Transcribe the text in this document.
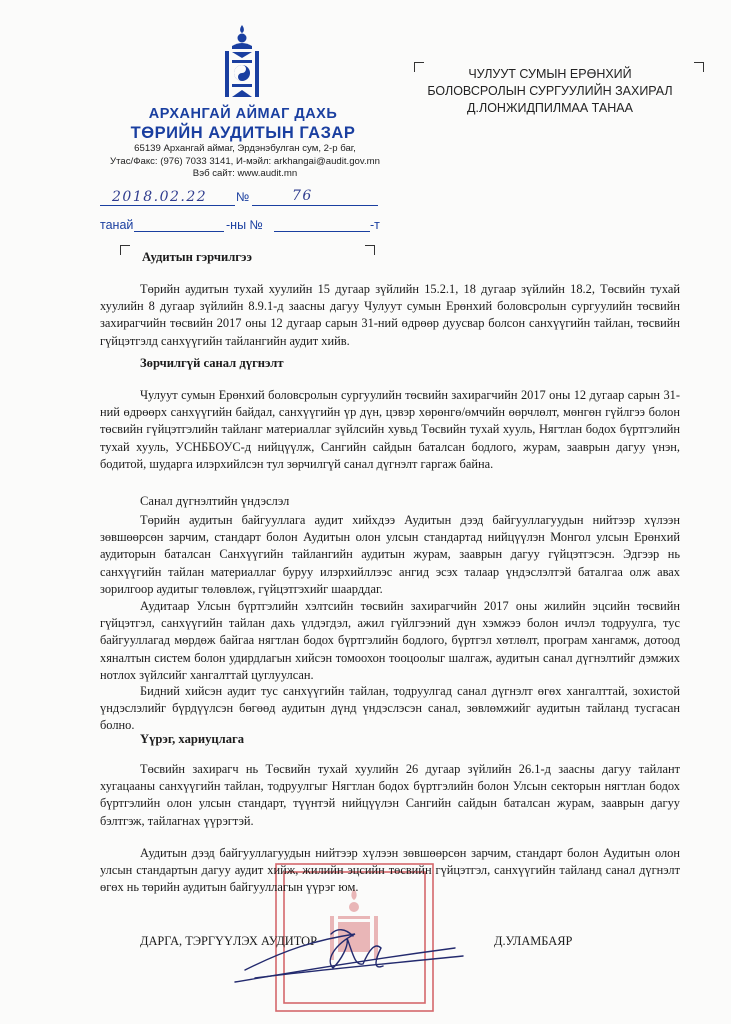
АРХАНГАЙ АЙМАГ ДАХЬ
ТӨРИЙН АУДИТЫН ГАЗАР
65139 Архангай аймаг, Эрдэнэбулган сум, 2-р баг,
Утас/Факс: (976) 7033 3141, И-мэйл: arkhangai@audit.gov.mn
Вэб сайт: www.audit.mn
ЧУЛУУТ СУМЫН ЕРӨНХИЙ
БОЛОВСРОЛЫН СУРГУУЛИЙН ЗАХИРАЛ
Д.ЛОНЖИДПИЛМАА ТАНАА
2018.02.22 №	76
танай	-ны №	-т
Аудитын гэрчилгээ

Төрийн аудитын тухай хуулийн 15 дугаар зүйлийн 15.2.1, 18 дугаар зүйлийн 18.2, Төсвийн тухай хуулийн 8 дугаар зүйлийн 8.9.1-д заасны дагуу Чулуут сумын Ерөнхий боловсролын сургуулийн төсвийн захирагчийн төсвийн 2017 оны 12 дугаар сарын 31-ний өдрөөр дуусвар болсон санхүүгийн тайлан, төсвийн гүйцэтгэлд санхүүгийн тайлангийн аудит хийв.

Зөрчилгүй санал дүгнэлт

Чулуут сумын Ерөнхий боловсролын сургуулийн төсвийн захирагчийн 2017 оны 12 дугаар сарын 31-ний өдрөөрх санхүүгийн байдал, санхүүгийн үр дүн, цэвэр хөрөнгө/өмчийн өөрчлөлт, мөнгөн гүйлгээ болон төсвийн гүйцэтгэлийн тайланг материаллаг зүйлсийн хувьд Төсвийн тухай хууль, Нягтлан бодох бүртгэлийн тухай хууль, УСНББОУС-д нийцүүлж, Сангийн сайдын баталсан бодлого, журам, зааврын дагуу үнэн, бодитой, шударга илэрхийлсэн тул зөрчилгүй санал дүгнэлт гаргаж байна.

Санал дүгнэлтийн үндэслэл

Төрийн аудитын байгууллага аудит хийхдээ Аудитын дээд байгууллагуудын нийтээр хүлээн зөвшөөрсөн зарчим, стандарт болон Аудитын олон улсын стандартад нийцүүлэн Монгол улсын Ерөнхий аудиторын баталсан Санхүүгийн тайлангийн аудитын журам, зааврын дагуу гүйцэтгэсэн. Эдгээр нь санхүүгийн тайлан материаллаг буруу илэрхийллээс ангид эсэх талаар үндэслэлтэй баталгаа олж авах зорилгоор аудитыг төлөвлөж, гүйцэтгэхийг шаарддаг.

Аудитаар Улсын бүртгэлийн хэлтсийн төсвийн захирагчийн 2017 оны жилийн эцсийн төсвийн гүйцэтгэл, санхүүгийн тайлан дахь үлдэгдэл, ажил гүйлгээний дүн хэмжээ болон ичлэл тодруулга, тус байгууллагад мөрдөж байгаа нягтлан бодох бүртгэлийн бодлого, бүртгэл хөтлөлт, програм хангамж, дотоод хяналтын систем болон удирдлагын хийсэн томоохон тооцоолыг шалгаж, аудитын санал дүгнэлтийг дэмжих нотлох зүйлсийг хангалттай цуглуулсан.

Бидний хийсэн аудит тус санхүүгийн тайлан, тодруулгад санал дүгнэлт өгөх хангалттай, зохистой үндэслэлийг бүрдүүлсэн бөгөөд аудитын дүнд үндэслэсэн санал, зөвлөмжийг аудитын тайланд тусгасан болно.

Үүрэг, хариуцлага

Төсвийн захирагч нь Төсвийн тухай хуулийн 26 дугаар зүйлийн 26.1-д заасны дагуу тайлант хугацааны санхүүгийн тайлан, тодруулгыг Нягтлан бодох бүртгэлийн болон Улсын секторын нягтлан бодох бүртгэлийн олон улсын стандарт, түүнтэй нийцүүлэн Сангийн сайдын баталсан журам, зааврын дагуу бэлтгэж, тайлагнах үүрэгтэй.

Аудитын дээд байгууллагуудын нийтээр хүлээн зөвшөөрсөн зарчим, стандарт болон Аудитын олон улсын стандартын дагуу аудит хийж, жилийн эцсийн төсвийн гүйцэтгэл, санхүүгийн тайланд санал дүгнэлт өгөх нь төрийн аудитын байгууллагын үүрэг юм.

ДАРГА, ТЭРГҮҮЛЭХ АУДИТОР	Д.УЛАМБАЯР
